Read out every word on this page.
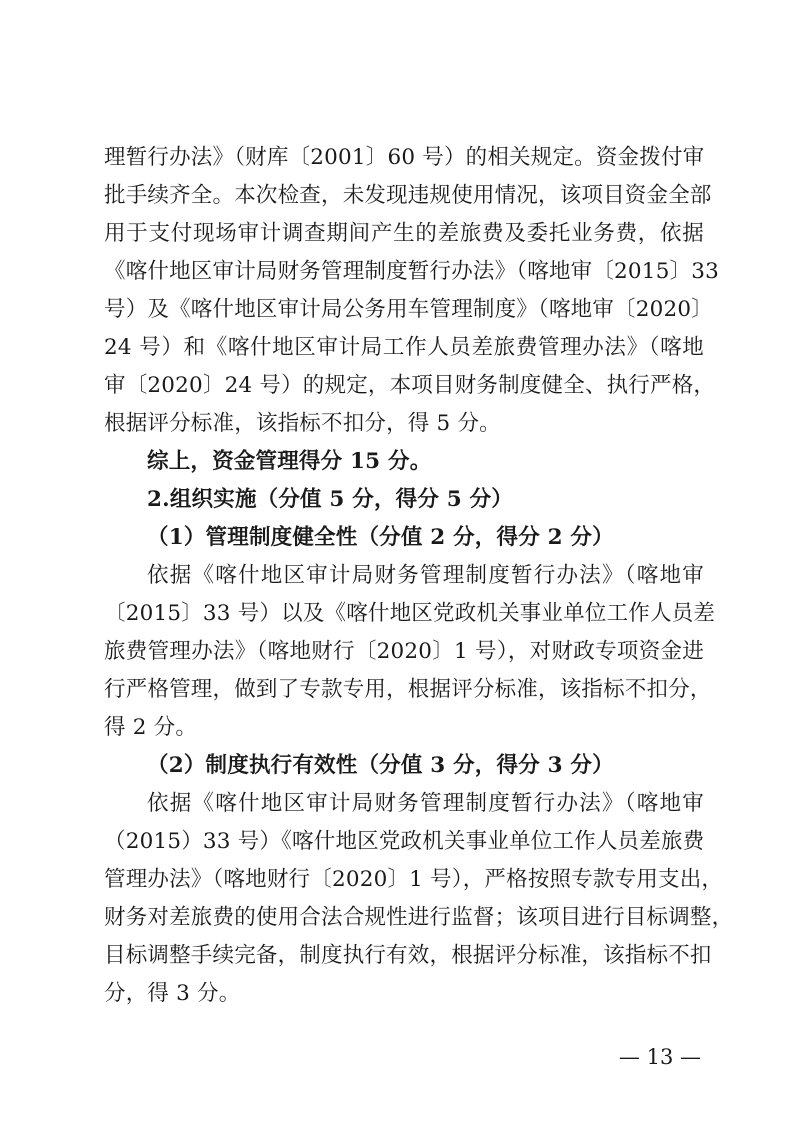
理暂行办法》（财库〔2001〕60 号）的相关规定。资金拨付审
批手续齐全。本次检查，未发现违规使用情况，该项目资金全部
用于支付现场审计调查期间产生的差旅费及委托业务费，依据
《喀什地区审计局财务管理制度暂行办法》（喀地审〔2015〕33
号）及《喀什地区审计局公务用车管理制度》（喀地审〔2020〕
24 号）和《喀什地区审计局工作人员差旅费管理办法》（喀地
审〔2020〕24 号）的规定，本项目财务制度健全、执行严格，
根据评分标准，该指标不扣分，得 5 分。
综上，资金管理得分 15 分。
2.组织实施（分值 5 分，得分 5 分）
（1）管理制度健全性（分值 2 分，得分 2 分）
依据《喀什地区审计局财务管理制度暂行办法》（喀地审
〔2015〕33 号）以及《喀什地区党政机关事业单位工作人员差
旅费管理办法》（喀地财行〔2020〕1 号），对财政专项资金进
行严格管理，做到了专款专用，根据评分标准，该指标不扣分，
得 2 分。
（2）制度执行有效性（分值 3 分，得分 3 分）
依据《喀什地区审计局财务管理制度暂行办法》（喀地审
（2015）33 号）《喀什地区党政机关事业单位工作人员差旅费
管理办法》（喀地财行〔2020〕1 号），严格按照专款专用支出，
财务对差旅费的使用合法合规性进行监督；该项目进行目标调整，
目标调整手续完备，制度执行有效，根据评分标准，该指标不扣
分，得 3 分。
— 13 —
